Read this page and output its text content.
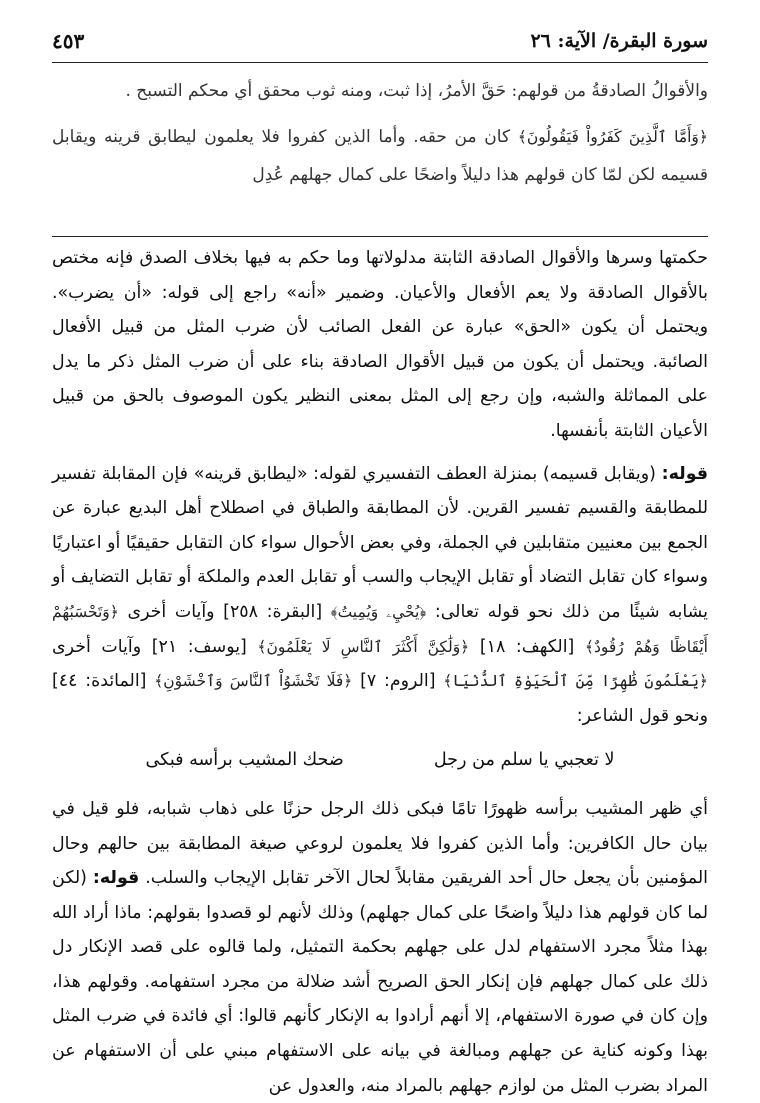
سورة البقرة/ الآية: ٢٦
٤٥٣

والأقوالُ الصادقةُ من قولهم: حَقَّ الأمرُ، إذا ثبت، ومنه ثوب محقق أي محكم التسبح .

﴿وَأَمَّا ٱلَّذِينَ كَفَرُواْ فَيَقُولُونَ﴾ كان من حقه. وأما الذين كفروا فلا يعلمون ليطابق قرينه ويقابل قسيمه لكن لمّا كان قولهم هذا دليلاً واضحًا على كمال جهلهم عُدِل

حكمتها وسرها والأقوال الصادقة الثابتة مدلولاتها وما حكم به فيها بخلاف الصدق فإنه مختص بالأقوال الصادقة ولا يعم الأفعال والأعيان. وضمير «أنه» راجع إلى قوله: «أن يضرب». ويحتمل أن يكون «الحق» عبارة عن الفعل الصائب لأن ضرب المثل من قبيل الأفعال الصائبة. ويحتمل أن يكون من قبيل الأقوال الصادقة بناء على أن ضرب المثل ذكر ما يدل على المماثلة والشبه، وإن رجع إلى المثل بمعنى النظير يكون الموصوف بالحق من قبيل الأعيان الثابتة بأنفسها.

قوله: (ويقابل قسيمه) بمنزلة العطف التفسيري لقوله: «ليطابق قرينه» فإن المقابلة تفسير للمطابقة والقسيم تفسير القرين. لأن المطابقة والطباق في اصطلاح أهل البديع عبارة عن الجمع بين معنيين متقابلين في الجملة، وفي بعض الأحوال سواء كان التقابل حقيقيًا أو اعتباريًا وسواء كان تقابل التضاد أو تقابل الإيجاب والسب أو تقابل العدم والملكة أو تقابل التضايف أو يشابه شيئًا من ذلك نحو قوله تعالى: ﴿يُحْيِۦ وَيُمِيتُ﴾ [البقرة: ٢٥٨] وآيات أخرى ﴿وَتَحْسَبُهُمْ أَيْقَاظًا وَهُمْ رُقُودٌ﴾ [الكهف: ١٨] ﴿وَلَٰكِنَّ أَكْثَرَ ٱلنَّاسِ لَا يَعْلَمُونَ﴾ [يوسف: ٢١] وآيات أخرى ﴿يَعْلَمُونَ ظَٰهِرًا مِّنَ ٱلْحَيَوٰةِ ٱلدُّنْيَا﴾ [الروم: ٧] ﴿فَلَا تَخْشَوُاْ ٱلنَّاسَ وَٱخْشَوْنِ﴾ [المائدة: ٤٤] ونحو قول الشاعر:

لا تعجبي يا سلم من رجل
ضحك المشيب برأسه فبكى

أي ظهر المشيب برأسه ظهورًا تامًا فبكى ذلك الرجل حزنًا على ذهاب شبابه، فلو قيل في بيان حال الكافرين: وأما الذين كفروا فلا يعلمون لروعي صيغة المطابقة بين حالهم وحال المؤمنين بأن يجعل حال أحد الفريقين مقابلاً لحال الآخر تقابل الإيجاب والسلب. قوله: (لكن لما كان قولهم هذا دليلاً واضحًا على كمال جهلهم) وذلك لأنهم لو قصدوا بقولهم: ماذا أراد الله بهذا مثلاً مجرد الاستفهام لدل على جهلهم بحكمة التمثيل، ولما قالوه على قصد الإنكار دل ذلك على كمال جهلهم فإن إنكار الحق الصريح أشد ضلالة من مجرد استفهامه. وقولهم هذا، وإن كان في صورة الاستفهام، إلا أنهم أرادوا به الإنكار كأنهم قالوا: أي فائدة في ضرب المثل بهذا وكونه كناية عن جهلهم ومبالغة في بيانه على الاستفهام مبني على أن الاستفهام عن المراد بضرب المثل من لوازم جهلهم بالمراد منه، والعدول عن
